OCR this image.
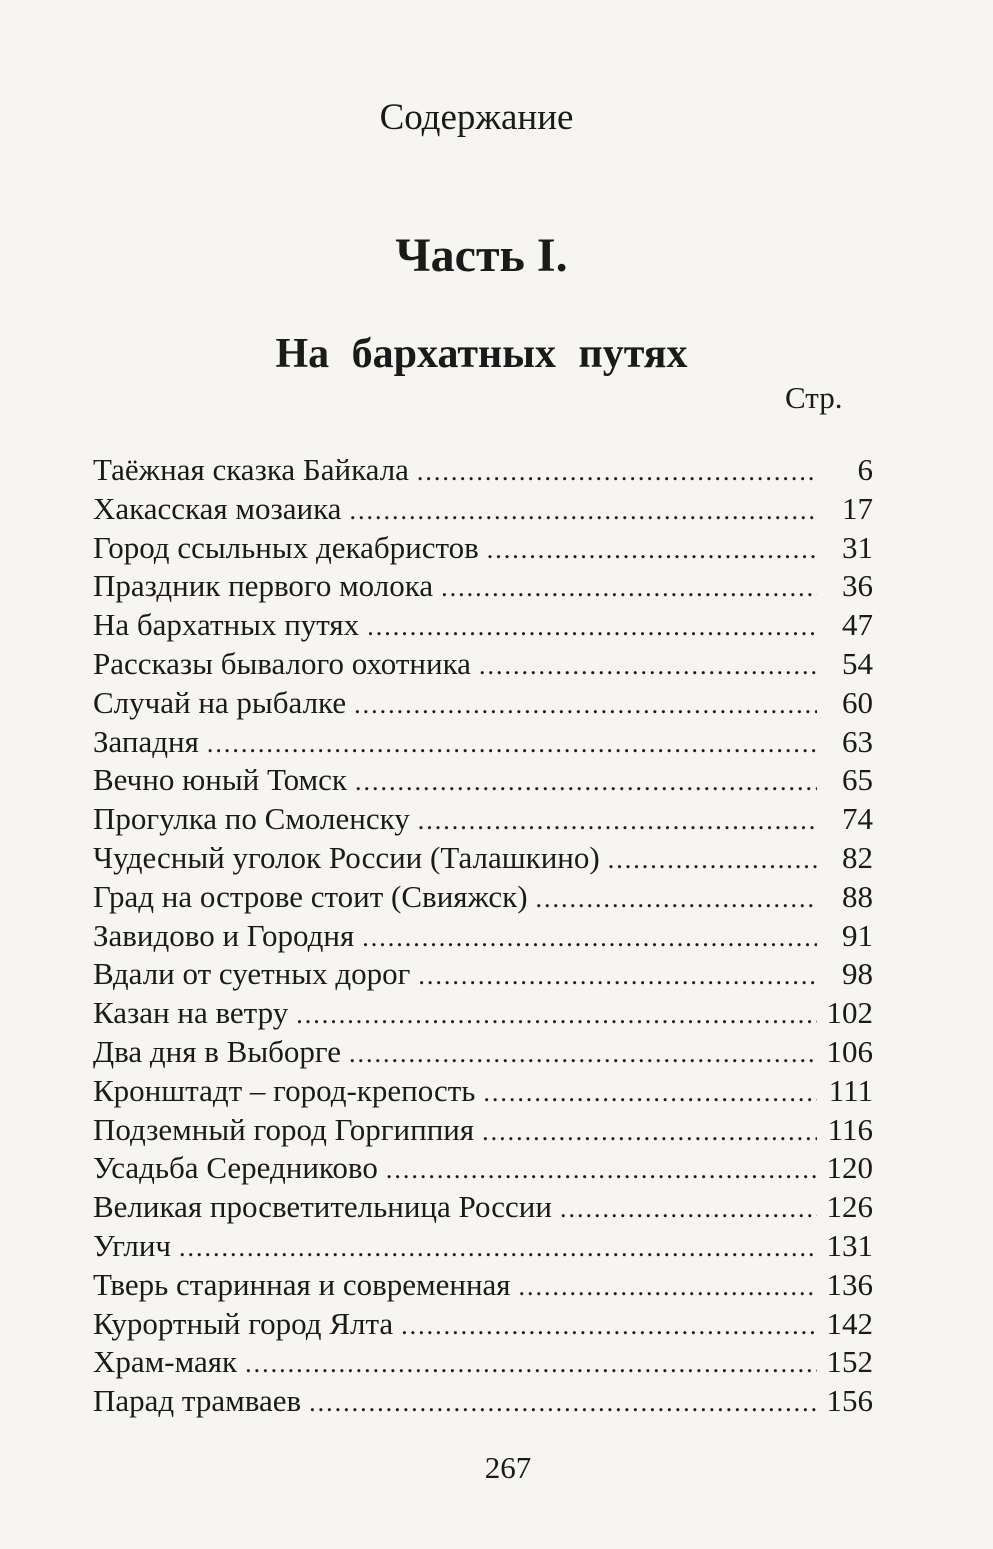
Содержание
Часть I.
На бархатных путях
Стр.
Таёжная сказка Байкала .....	6
Хакасская мозаика .....	17
Город ссыльных декабристов .....	31
Праздник первого молока .....	36
На бархатных путях .....	47
Рассказы бывалого охотника .....	54
Случай на рыбалке .....	60
Западня .....	63
Вечно юный Томск .....	65
Прогулка по Смоленску .....	74
Чудесный уголок России (Талашкино) .....	82
Град на острове стоит (Свияжск) .....	88
Завидово и Городня .....	91
Вдали от суетных дорог .....	98
Казан на ветру .....	102
Два дня в Выборге .....	106
Кронштадт – город-крепость .....	111
Подземный город Горгиппия .....	116
Усадьба Середниково .....	120
Великая просветительница России .....	126
Углич .....	131
Тверь старинная и современная .....	136
Курортный город Ялта .....	142
Храм-маяк .....	152
Парад трамваев .....	156
267
